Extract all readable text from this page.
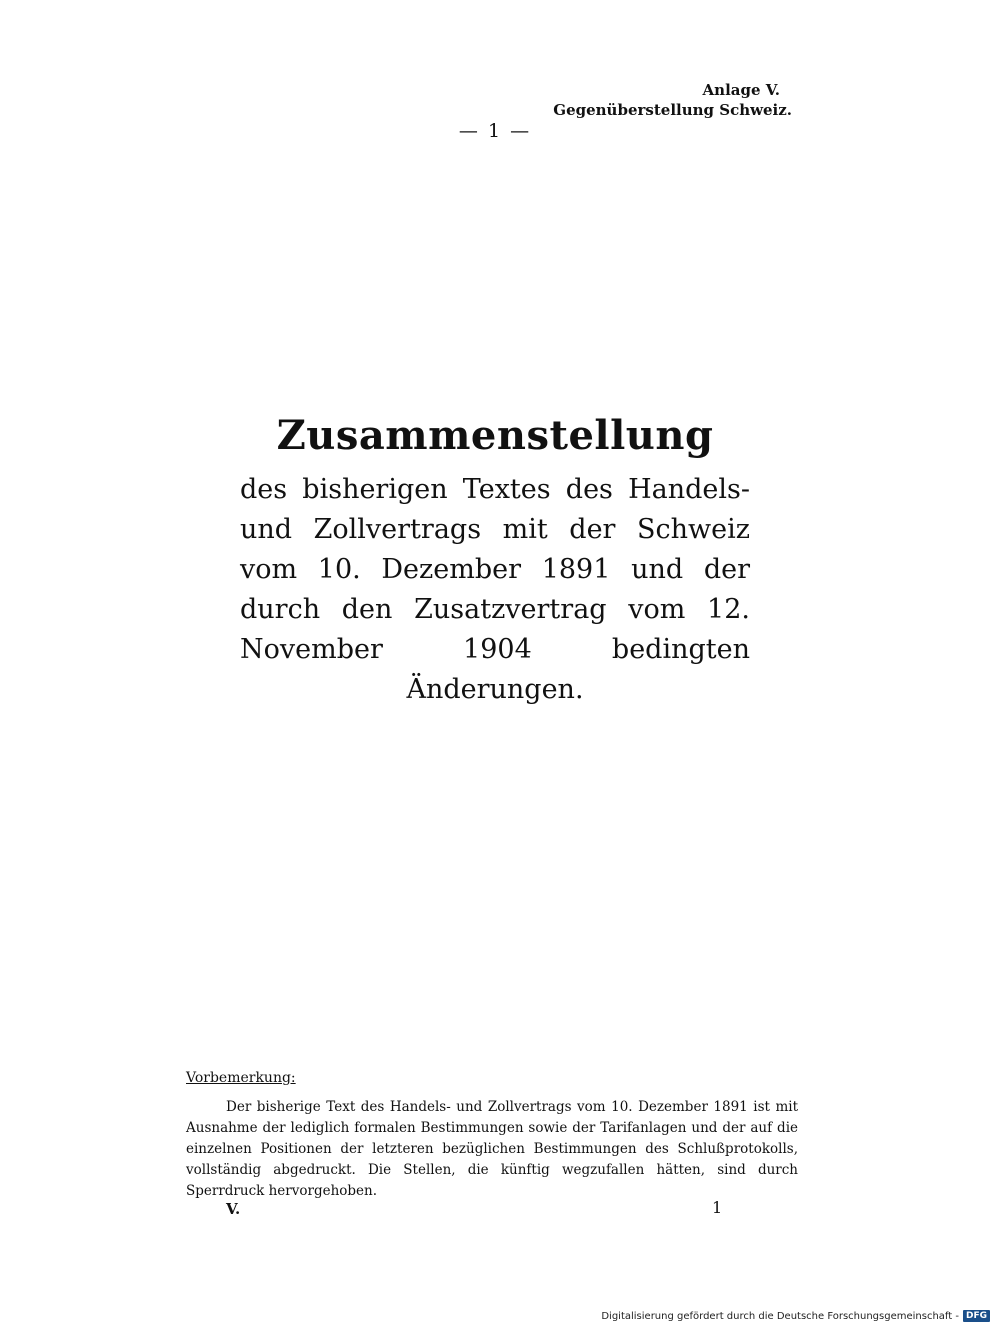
Anlage V.
Gegenüberstellung Schweiz.
— 1 —
Zusammenstellung

des bisherigen Textes des Handels- und Zollvertrags mit der Schweiz vom 10. Dezember 1891 und der durch den Zusatzvertrag vom 12. November 1904 bedingten Änderungen.

Vorbemerkung:

Der bisherige Text des Handels- und Zollvertrags vom 10. Dezember 1891 ist mit Ausnahme der lediglich formalen Bestimmungen sowie der Tarifanlagen und der auf die einzelnen Positionen der letzteren bezüglichen Bestimmungen des Schlußprotokolls, vollständig abgedruckt. Die Stellen, die künftig wegzufallen hätten, sind durch Sperrdruck hervorgehoben.

V.	1
Digitalisierung gefördert durch die Deutsche Forschungsgemeinschaft - DFG
